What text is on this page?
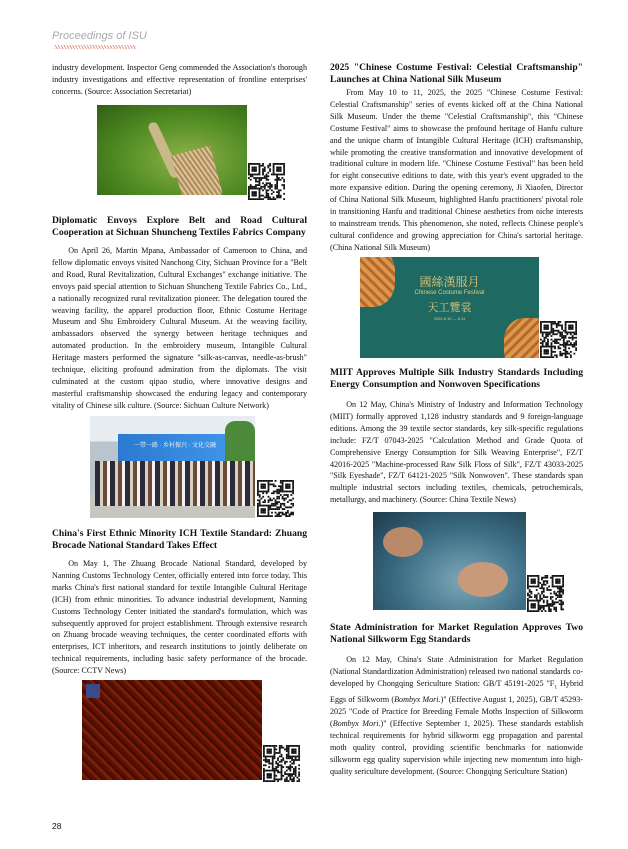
Proceedings of ISU

industry development. Inspector Geng commended the Association's thorough industry investigations and effective representation of frontline enterprises' concerns. (Source: Association Secretariat)

Diplomatic Envoys Explore Belt and Road Cultural Cooperation at Sichuan Shuncheng Textiles Fabrics Company

On April 26, Martin Mpana, Ambassador of Cameroon to China, and fellow diplomatic envoys visited Nanchong City, Sichuan Province for a "Belt and Road, Rural Revitalization, Cultural Exchanges" exchange initiative. The envoys paid special attention to Sichuan Shuncheng Textile Fabrics Co., Ltd., a nationally recognized rural revitalization pioneer. The delegation toured the weaving facility, the apparel production floor, Ethnic Costume Heritage Museum and Shu Embroidery Cultural Museum. At the weaving facility, ambassadors observed the synergy between heritage techniques and automated production. In the embroidery museum, Intangible Cultural Heritage masters performed the signature "silk-as-canvas, needle-as-brush" technique, eliciting profound admiration from the diplomats. The visit culminated at the custom qipao studio, where innovative designs and masterful craftsmanship showcased the enduring legacy and contemporary vitality of Chinese silk culture. (Source: Sichuan Culture Network)

一带一路 · 乡村振兴 · 文化交融
China's First Ethnic Minority ICH Textile Standard: Zhuang Brocade National Standard Takes Effect

On May 1, The Zhuang Brocade National Standard, developed by Nanning Customs Technology Center, officially entered into force today. This marks China's first national standard for textile Intangible Cultural Heritage (ICH) from ethnic minorities. To advance industrial development, Nanning Customs Technology Center initiated the standard's formulation, which was subsequently approved for project establishment. Through extensive research on Zhuang brocade weaving techniques, the center coordinated efforts with enterprises, ICT inheritors, and research institutions to jointly deliberate on technical requirements, including basic safety performance of the brocade. (Source: CCTV News)

2025 "Chinese Costume Festival: Celestial Craftsmanship" Launches at China National Silk Museum

From May 10 to 11, 2025, the 2025 "Chinese Costume Festival: Celestial Craftsmanship" series of events kicked off at the China National Silk Museum. Under the theme "Celestial Craftsmanship", this "Chinese Costume Festival" aims to showcase the profound heritage of Hanfu culture and the unique charm of Intangible Cultural Heritage (ICH) craftsmanship, while promoting the creative transformation and innovative development of traditional culture in modern life. "Chinese Costume Festival" has been held for eight consecutive editions to date, with this year's event upgraded to the more expansive edition. During the opening ceremony, Ji Xiaofen, Director of China National Silk Museum, highlighted Hanfu practitioners' pivotal role in transitioning Hanfu and traditional Chinese aesthetics from niche interests to mainstream trends. This phenomenon, she noted, reflects Chinese people's cultural confidence and growing appreciation for China's sartorial heritage. (China National Silk Museum)

國絲漢服月
Chinese Costume Festival
天工覽裳
2025.5.10 — 5.11
MIIT Approves Multiple Silk Industry Standards Including Energy Consumption and Nonwoven Specifications

On 12 May, China's Ministry of Industry and Information Technology (MIIT) formally approved 1,128 industry standards and 9 foreign-language editions. Among the 39 textile sector standards, key silk-specific regulations include: FZ/T 07043-2025 "Calculation Method and Grade Quota of Comprehensive Energy Consumption for Silk Weaving Enterprise", FZ/T 42016-2025 "Machine-processed Raw Silk Floss of Silk", FZ/T 43033-2025 "Silk Eyeshade", FZ/T 64121-2025 "Silk Nonwoven". These standards span multiple industrial sectors including textiles, chemicals, petrochemicals, metallurgy, and machinery. (Source: China Textile News)

State Administration for Market Regulation Approves Two National Silkworm Egg Standards

On 12 May, China's State Administration for Market Regulation (National Standardization Administration) released two national standards co-developed by Chongqing Sericulture Station: GB/T 45191-2025 "$F_1$ Hybrid Eggs of Silkworm (Bombyx Mori.)" (Effective August 1, 2025), GB/T 45293-2025 "Code of Practice for Breeding Female Moths Inspection of Silkworm (Bombyx Mori.)" (Effective September 1, 2025). These standards establish technical requirements for hybrid silkworm egg propagation and parental moth quality control, providing scientific benchmarks for nationwide silkworm egg quality supervision while injecting new momentum into high-quality sericulture development. (Source: Chongqing Sericulture Station)

28
